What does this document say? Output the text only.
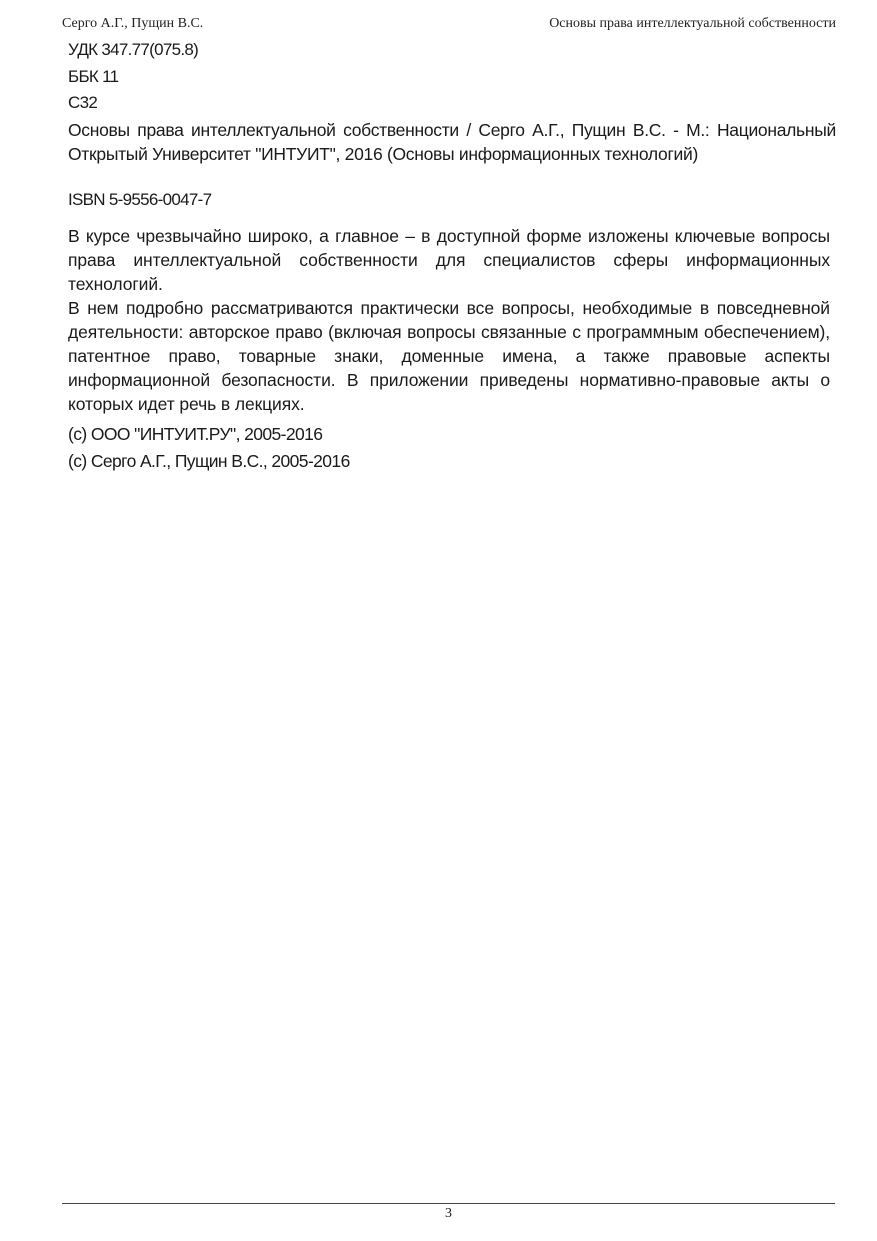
Серго А.Г., Пущин В.С.	Основы права интеллектуальной собственности
УДК 347.77(075.8)
ББК 11
С32
Основы права интеллектуальной собственности / Серго А.Г., Пущин В.С. - М.: Национальный Открытый Университет "ИНТУИТ", 2016 (Основы информационных технологий)
ISBN 5-9556-0047-7
В курсе чрезвычайно широко, а главное – в доступной форме изложены ключевые вопросы права интеллектуальной собственности для специалистов сферы информационных технологий.
В нем подробно рассматриваются практически все вопросы, необходимые в повседневной деятельности: авторское право (включая вопросы связанные с программным обеспечением), патентное право, товарные знаки, доменные имена, а также правовые аспекты информационной безопасности. В приложении приведены нормативно-правовые акты о которых идет речь в лекциях.
(c) ООО "ИНТУИТ.РУ", 2005-2016
(c) Серго А.Г., Пущин В.С., 2005-2016
3
